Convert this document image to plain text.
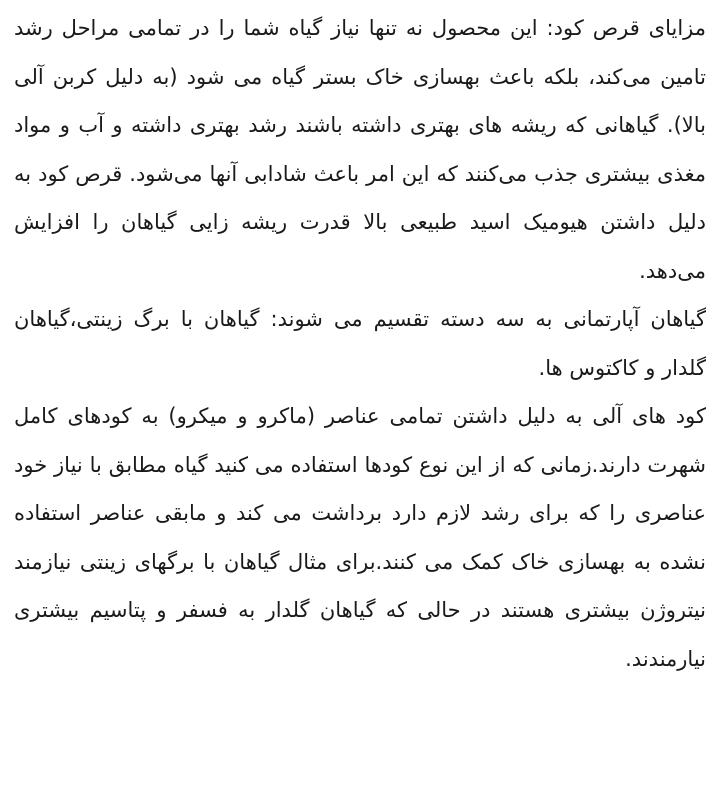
مزایای قرص کود: این محصول نه تنها نیاز گیاه شما را در تمامی مراحل رشد تامین می‌کند، بلکه باعث بهسازی خاک بستر گیاه می شود (به دلیل کربن آلی بالا). گیاهانی که ریشه های بهتری داشته باشند رشد بهتری داشته و آب و مواد مغذی بیشتری جذب می‌کنند که این امر باعث شادابی آنها می‌شود. قرص کود به دلیل داشتن هیومیک اسید طبیعی بالا قدرت ریشه زایی گیاهان را افزایش می‌دهد.

گیاهان آپارتمانی به سه دسته تقسیم می شوند: گیاهان با برگ زینتی،گیاهان گلدار و کاکتوس ها.

کود های آلی به دلیل داشتن تمامی عناصر (ماکرو و میکرو) به کودهای کامل شهرت دارند.زمانی که از این نوع کودها استفاده می کنید گیاه مطابق با نیاز خود عناصری را که برای رشد لازم دارد برداشت می کند و مابقی عناصر استفاده نشده به بهسازی خاک کمک می کنند.برای مثال گیاهان با برگهای زینتی نیازمند نیتروژن بیشتری هستند در حالی که گیاهان گلدار به فسفر و پتاسیم بیشتری نیارمندند.
